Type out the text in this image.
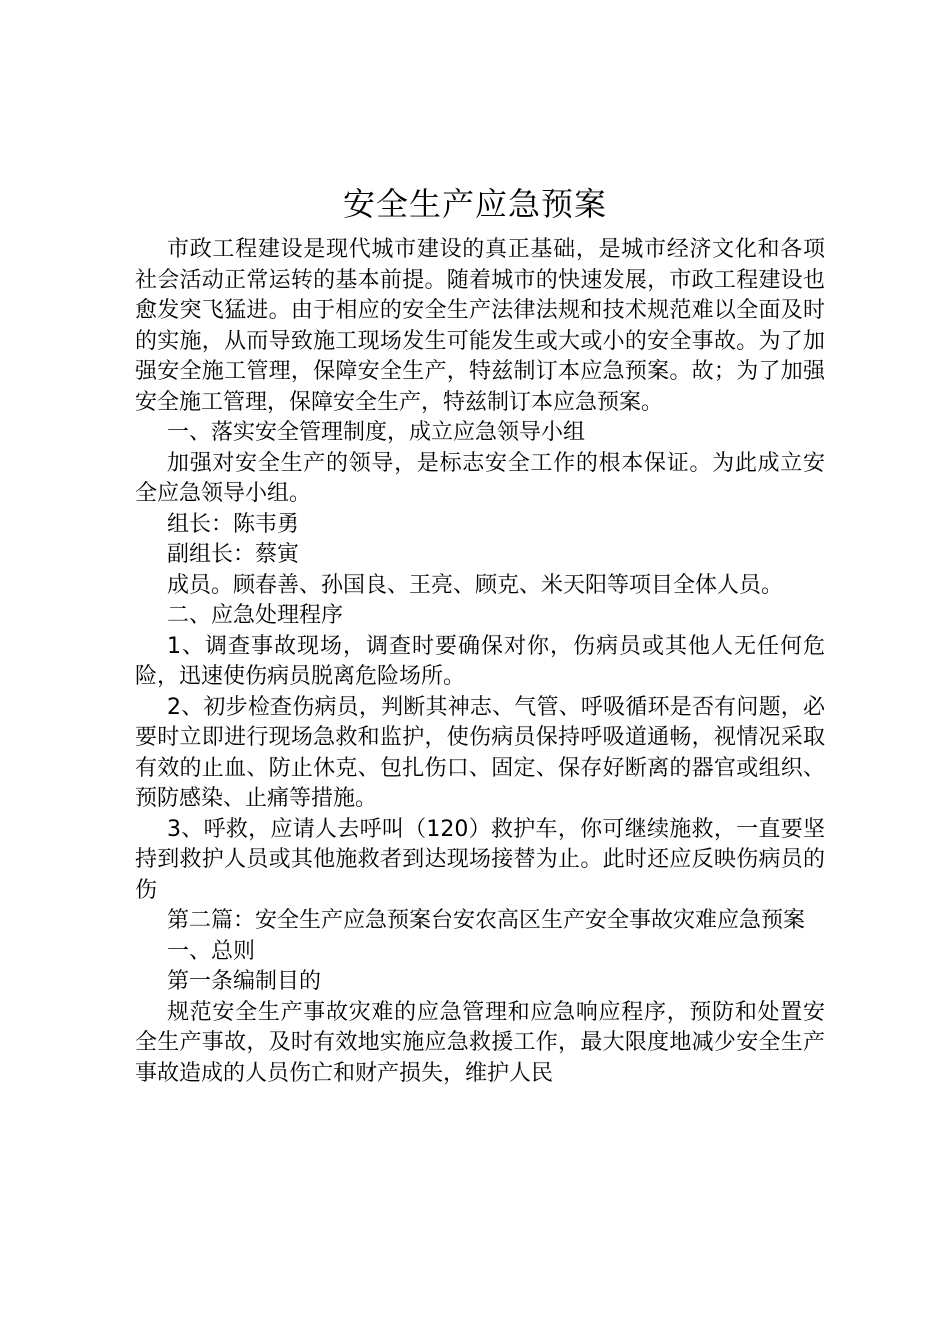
安全生产应急预案

市政工程建设是现代城市建设的真正基础，是城市经济文化和各项社会活动正常运转的基本前提。随着城市的快速发展，市政工程建设也愈发突飞猛进。由于相应的安全生产法律法规和技术规范难以全面及时的实施，从而导致施工现场发生可能发生或大或小的安全事故。为了加强安全施工管理，保障安全生产，特兹制订本应急预案。故；为了加强安全施工管理，保障安全生产，特兹制订本应急预案。

一、落实安全管理制度，成立应急领导小组

加强对安全生产的领导，是标志安全工作的根本保证。为此成立安全应急领导小组。

组长：陈韦勇

副组长：蔡寅

成员。顾春善、孙国良、王亮、顾克、米天阳等项目全体人员。

二、应急处理程序

1、调查事故现场，调查时要确保对你，伤病员或其他人无任何危险，迅速使伤病员脱离危险场所。

2、初步检查伤病员，判断其神志、气管、呼吸循环是否有问题，必要时立即进行现场急救和监护，使伤病员保持呼吸道通畅，视情况采取有效的止血、防止休克、包扎伤口、固定、保存好断离的器官或组织、预防感染、止痛等措施。

3、呼救，应请人去呼叫（120）救护车，你可继续施救，一直要坚持到救护人员或其他施救者到达现场接替为止。此时还应反映伤病员的伤

第二篇：安全生产应急预案台安农高区生产安全事故灾难应急预案

一、总则

第一条编制目的

规范安全生产事故灾难的应急管理和应急响应程序，预防和处置安全生产事故，及时有效地实施应急救援工作，最大限度地减少安全生产事故造成的人员伤亡和财产损失，维护人民
